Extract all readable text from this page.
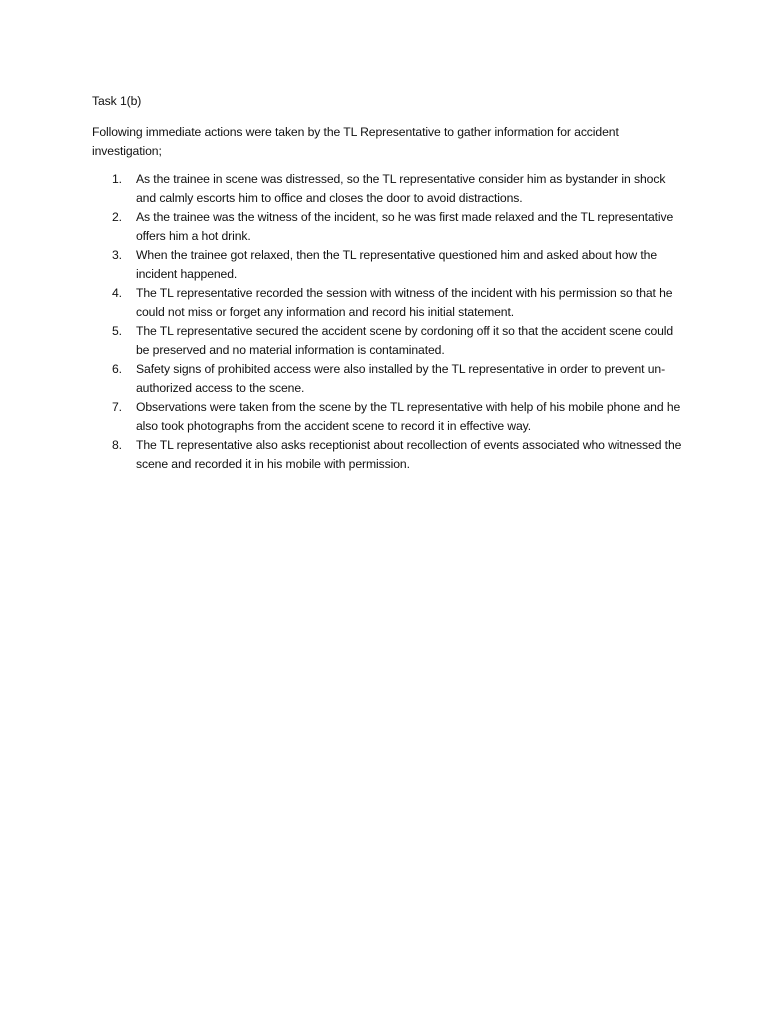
Task 1(b)

Following immediate actions were taken by the TL Representative to gather information for accident investigation;

1. As the trainee in scene was distressed, so the TL representative consider him as bystander in shock and calmly escorts him to office and closes the door to avoid distractions.
2. As the trainee was the witness of the incident, so he was first made relaxed and the TL representative offers him a hot drink.
3. When the trainee got relaxed, then the TL representative questioned him and asked about how the incident happened.
4. The TL representative recorded the session with witness of the incident with his permission so that he could not miss or forget any information and record his initial statement.
5. The TL representative secured the accident scene by cordoning off it so that the accident scene could be preserved and no material information is contaminated.
6. Safety signs of prohibited access were also installed by the TL representative in order to prevent un-authorized access to the scene.
7. Observations were taken from the scene by the TL representative with help of his mobile phone and he also took photographs from the accident scene to record it in effective way.
8. The TL representative also asks receptionist about recollection of events associated who witnessed the scene and recorded it in his mobile with permission.
